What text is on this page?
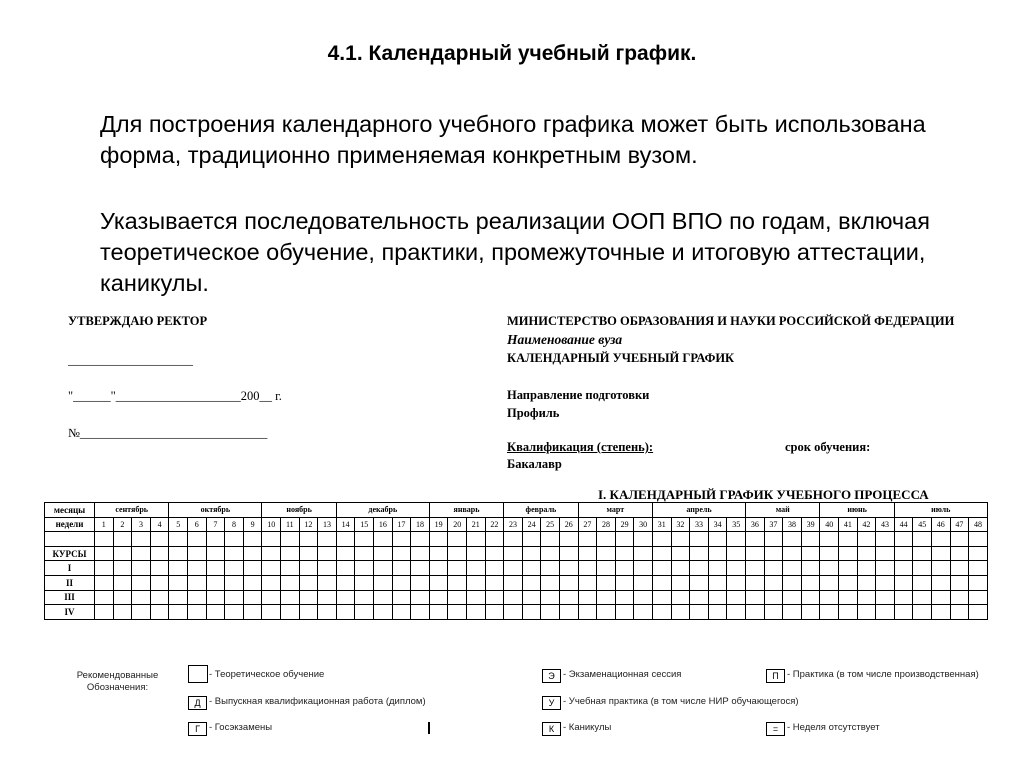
4.1. Календарный учебный график.
Для построения календарного учебного графика может быть использована форма, традиционно применяемая конкретным вузом.
Указывается последовательность реализации ООП ВПО по годам, включая теоретическое обучение, практики, промежуточные и итоговую аттестации, каникулы.
УТВЕРЖДАЮ РЕКТОР
____________________
"______"____________________200__ г.
№______________________________
МИНИСТЕРСТВО ОБРАЗОВАНИЯ И НАУКИ РОССИЙСКОЙ ФЕДЕРАЦИИ
Наименование вуза
КАЛЕНДАРНЫЙ УЧЕБНЫЙ ГРАФИК
Направление подготовки
Профиль
Квалификация (степень):	срок обучения:
Бакалавр
I. КАЛЕНДАРНЫЙ ГРАФИК УЧЕБНОГО ПРОЦЕССА
месяцы	сентябрь				октябрь					ноябрь				декабрь					январь				февраль				март				апрель					май				июнь				июль				
недели	1	2	3	4	5	6	7	8	9	10	11	12	13	14	15	16	17	18	19	20	21	22	23	24	25	26	27	28	29	30	31	32	33	34	35	36	37	38	39	40	41	42	43	44	45	46	47	48

КУРСЫ																																																
I																																																
II																																																
III																																																
IV																																																
Рекомендованные Обозначения:
- Теоретическое обучение
Д - Выпускная квалификационная работа (диплом)
Г - Госэкзамены
Э - Экзаменационная сессия
У - Учебная практика (в том числе НИР обучающегося)
К - Каникулы
П - Практика (в том числе производственная)
= - Неделя отсутствует
